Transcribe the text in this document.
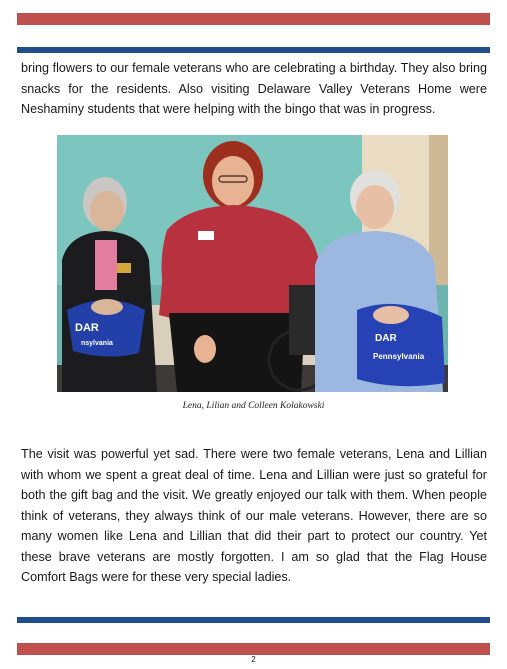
bring flowers to our female veterans who are celebrating a birthday. They also bring snacks for the residents. Also visiting Delaware Valley Veterans Home were Neshaminy students that were helping with the bingo that was in progress.

DAR
nsylvania	DAR
Pennsylvania
Lena, Lilian and Colleen Kolakowski

The visit was powerful yet sad. There were two female veterans, Lena and Lillian with whom we spent a great deal of time. Lena and Lillian were just so grateful for both the gift bag and the visit. We greatly enjoyed our talk with them. When people think of veterans, they always think of our male veterans. However, there are so many women like Lena and Lillian that did their part to protect our country. Yet these brave veterans are mostly forgotten. I am so glad that the Flag House Comfort Bags were for these very special ladies.

2
